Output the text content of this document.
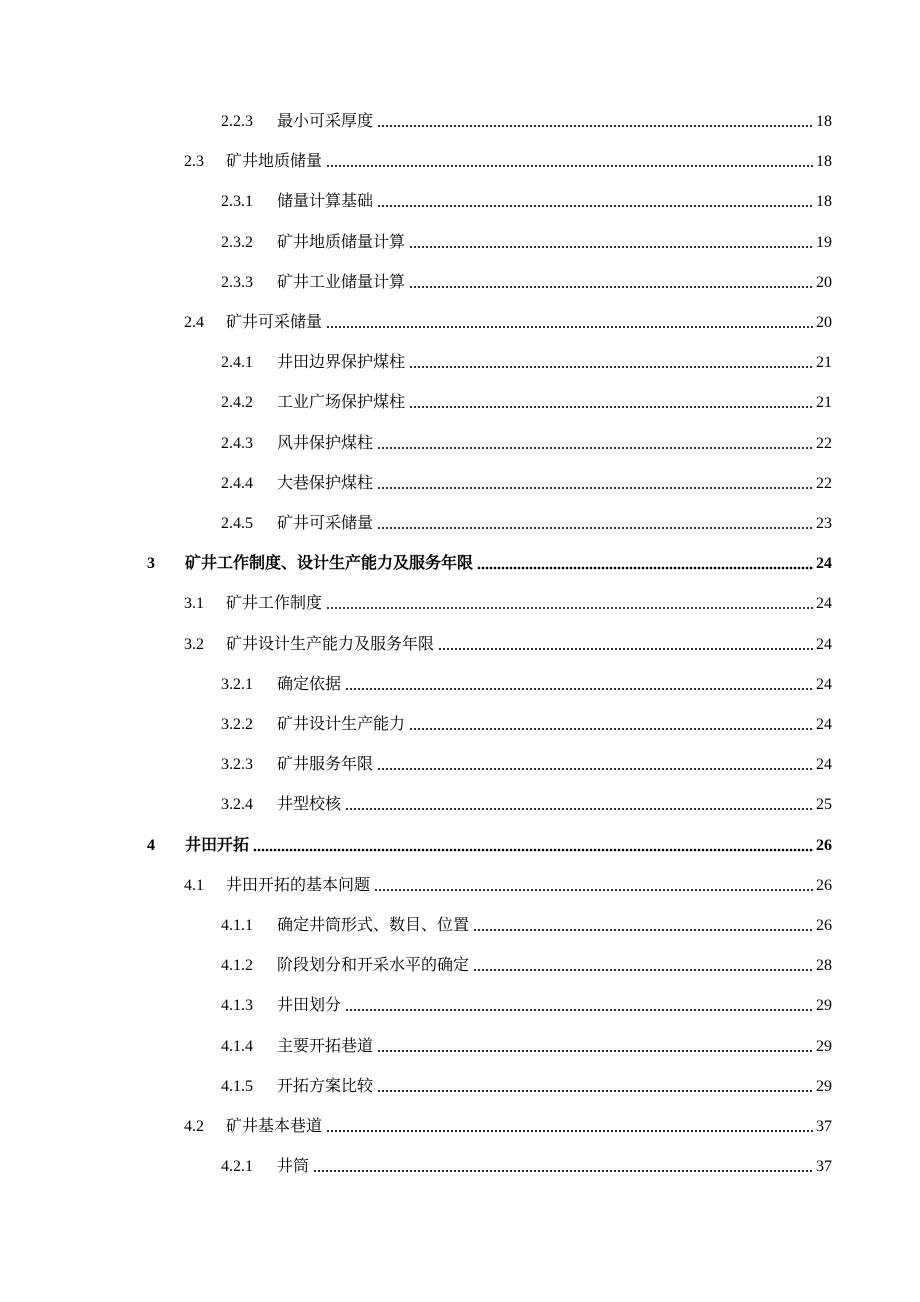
2.2.3	最小可采厚度	18
2.3	矿井地质储量	18
2.3.1	储量计算基础	18
2.3.2	矿井地质储量计算	19
2.3.3	矿井工业储量计算	20
2.4	矿井可采储量	20
2.4.1	井田边界保护煤柱	21
2.4.2	工业广场保护煤柱	21
2.4.3	风井保护煤柱	22
2.4.4	大巷保护煤柱	22
2.4.5	矿井可采储量	23
3	矿井工作制度、设计生产能力及服务年限	24
3.1	矿井工作制度	24
3.2	矿井设计生产能力及服务年限	24
3.2.1	确定依据	24
3.2.2	矿井设计生产能力	24
3.2.3	矿井服务年限	24
3.2.4	井型校核	25
4	井田开拓	26
4.1	井田开拓的基本问题	26
4.1.1	确定井筒形式、数目、位置	26
4.1.2	阶段划分和开采水平的确定	28
4.1.3	井田划分	29
4.1.4	主要开拓巷道	29
4.1.5	开拓方案比较	29
4.2	矿井基本巷道	37
4.2.1	井筒	37
